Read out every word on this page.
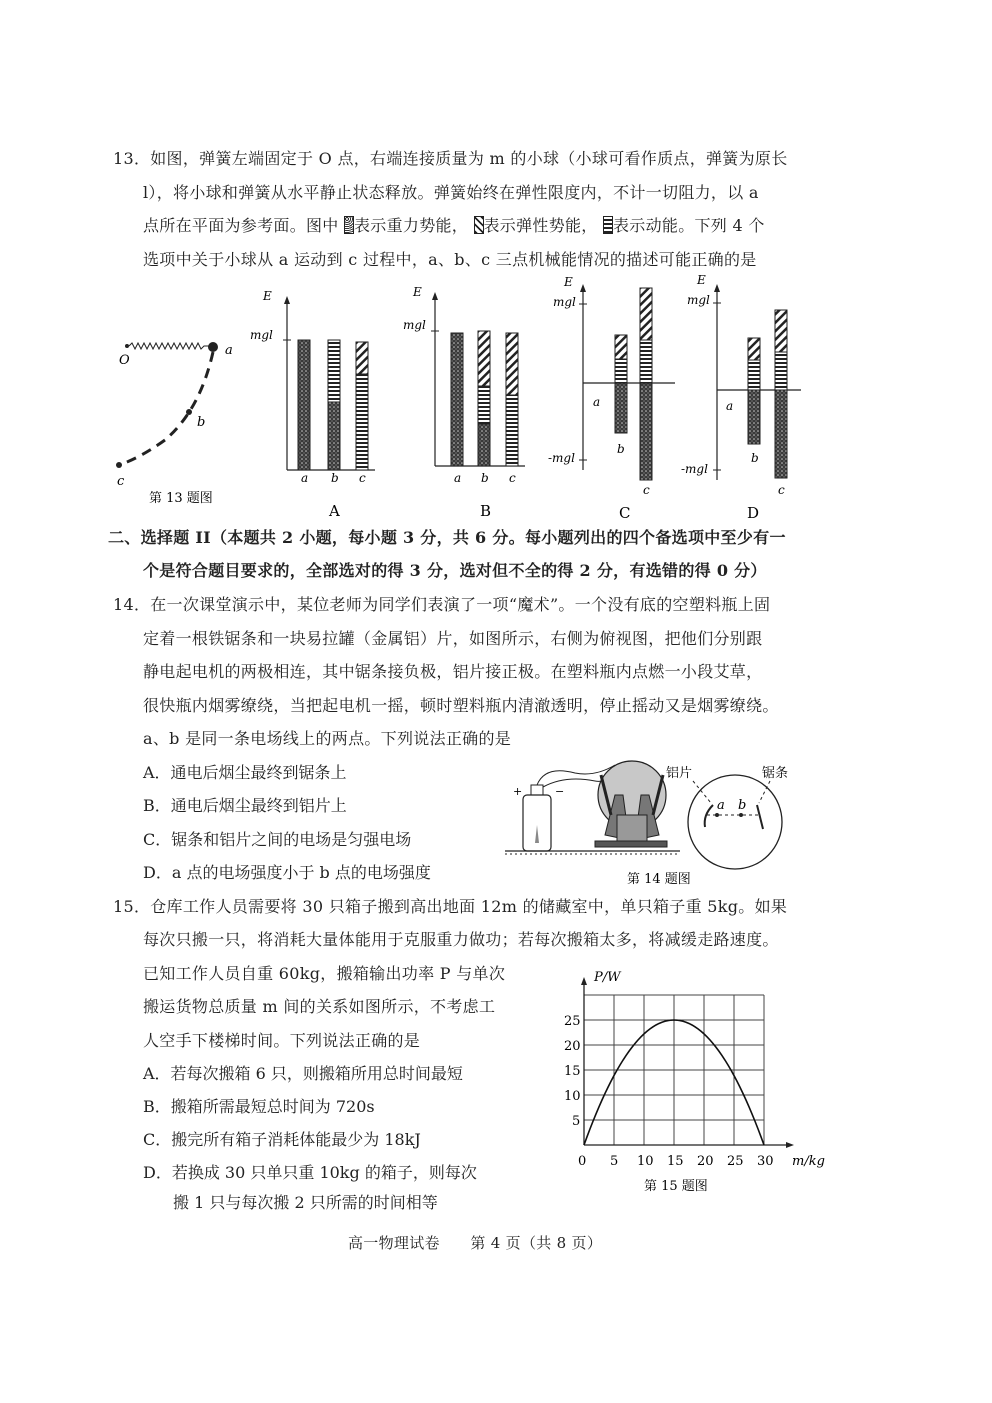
13．如图，弹簧左端固定于 O 点，右端连接质量为 m 的小球（小球可看作质点，弹簧为原长
l），将小球和弹簧从水平静止状态释放。弹簧始终在弹性限度内，不计一切阻力，以 a
点所在平面为参考面。图中 表示重力势能， 表示弹性势能， 表示动能。下列 4 个
选项中关于小球从 a 运动到 c 过程中，a、b、c 三点机械能情况的描述可能正确的是
O
a
b
c
第 13 题图
E
mgl
a b c
A
E
mgl
a b c
B
E
mgl
-mgl
a
b
c
C
E
mgl
-mgl
a
b
c
D
二、选择题 II（本题共 2 小题，每小题 3 分，共 6 分。每小题列出的四个备选项中至少有一
个是符合题目要求的，全部选对的得 3 分，选对但不全的得 2 分，有选错的得 0 分）
14．在一次课堂演示中，某位老师为同学们表演了一项“魔术”。一个没有底的空塑料瓶上固
定着一根铁锯条和一块易拉罐（金属铝）片，如图所示，右侧为俯视图，把他们分别跟
静电起电机的两极相连，其中锯条接负极，铝片接正极。在塑料瓶内点燃一小段艾草，
很快瓶内烟雾缭绕，当把起电机一摇，顿时塑料瓶内清澈透明，停止摇动又是烟雾缭绕。
a、b 是同一条电场线上的两点。下列说法正确的是
A．通电后烟尘最终到锯条上
B．通电后烟尘最终到铝片上
C．锯条和铝片之间的电场是匀强电场
D．a 点的电场强度小于 b 点的电场强度
+	−
a b
铝片	锯条
第 14 题图
15．仓库工作人员需要将 30 只箱子搬到高出地面 12m 的储藏室中，单只箱子重 5kg。如果
每次只搬一只，将消耗大量体能用于克服重力做功；若每次搬箱太多，将减缓走路速度。
已知工作人员自重 60kg，搬箱输出功率 P 与单次
搬运货物总质量 m 间的关系如图所示，不考虑工
人空手下楼梯时间。下列说法正确的是
A．若每次搬箱 6 只，则搬箱所用总时间最短
B．搬箱所需最短总时间为 720s
C．搬完所有箱子消耗体能最少为 18kJ
D．若换成 30 只单只重 10kg 的箱子，则每次
搬 1 只与每次搬 2 只所需的时间相等
0 5 10 15 20 25 30
5
10
15
20
25
m/kg
P/W
第 15 题图
高一物理试卷　　第 4 页（共 8 页）
